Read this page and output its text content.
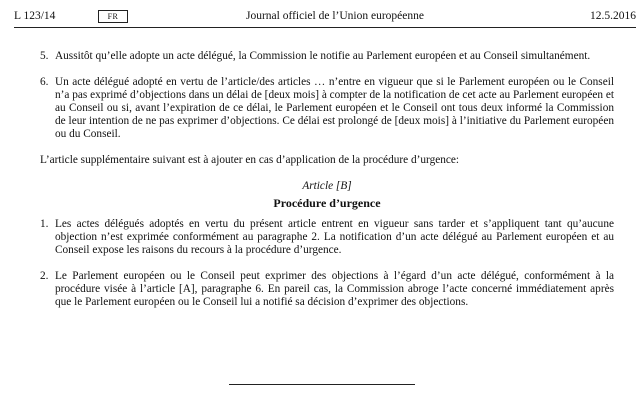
L 123/14	FR	Journal officiel de l’Union européenne	12.5.2016
5. Aussitôt qu’elle adopte un acte délégué, la Commission le notifie au Parlement européen et au Conseil simultanément.
6. Un acte délégué adopté en vertu de l’article/des articles … n’entre en vigueur que si le Parlement européen ou le Conseil n’a pas exprimé d’objections dans un délai de [deux mois] à compter de la notification de cet acte au Parlement européen et au Conseil ou si, avant l’expiration de ce délai, le Parlement européen et le Conseil ont tous deux informé la Commission de leur intention de ne pas exprimer d’objections. Ce délai est prolongé de [deux mois] à l’initiative du Parlement européen ou du Conseil.
L’article supplémentaire suivant est à ajouter en cas d’application de la procédure d’urgence:
Article [B]
Procédure d’urgence
1. Les actes délégués adoptés en vertu du présent article entrent en vigueur sans tarder et s’appliquent tant qu’aucune objection n’est exprimée conformément au paragraphe 2. La notification d’un acte délégué au Parlement européen et au Conseil expose les raisons du recours à la procédure d’urgence.
2. Le Parlement européen ou le Conseil peut exprimer des objections à l’égard d’un acte délégué, conformément à la procédure visée à l’article [A], paragraphe 6. En pareil cas, la Commission abroge l’acte concerné immédiatement après que le Parlement européen ou le Conseil lui a notifié sa décision d’exprimer des objections.
